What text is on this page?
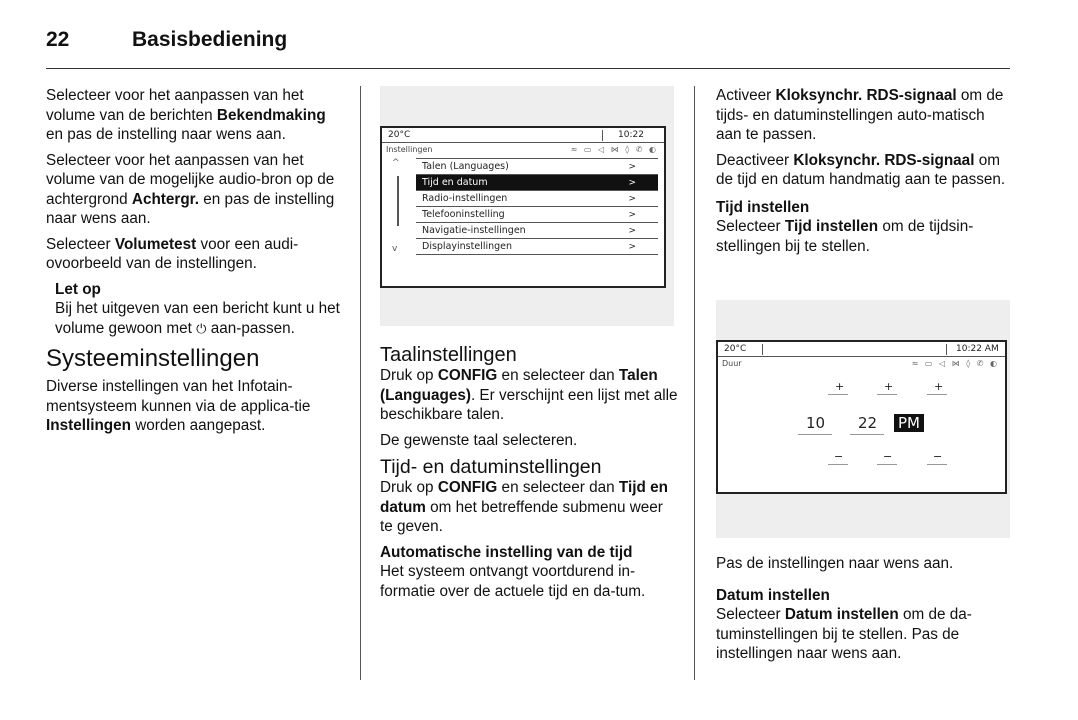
22	Basisbediening

Selecteer voor het aanpassen van het volume van de berichten Bekendmaking en pas de instelling naar wens aan.

Selecteer voor het aanpassen van het volume van de mogelijke audio-bron op de achtergrond Achtergr. en pas de instelling naar wens aan.

Selecteer Volumetest voor een audi-ovoorbeeld van de instellingen.

Let op
Bij het uitgeven van een bericht kunt u het volume gewoon met ⏻ aan-passen.
Systeeminstellingen

Diverse instellingen van het Infotain-mentsysteem kunnen via de applica-tie Instellingen worden aangepast.

20°C	10:22
Instellingen	≈ ▭ ◁ ⋈ ◊ ✆ ◐
^
v
Talen (Languages)	>
Tijd en datum	>
Radio-instellingen	>
Telefooninstelling	>
Navigatie-instellingen	>
Displayinstellingen	>
Taalinstellingen

Druk op CONFIG en selecteer dan Talen (Languages). Er verschijnt een lijst met alle beschikbare talen.

De gewenste taal selecteren.

Tijd- en datuminstellingen

Druk op CONFIG en selecteer dan Tijd en datum om het betreffende submenu weer te geven.

Automatische instelling van de tijd

Het systeem ontvangt voortdurend in-formatie over de actuele tijd en da-tum.

Activeer Kloksynchr. RDS-signaal om de tijds- en datuminstellingen auto-matisch aan te passen.

Deactiveer Kloksynchr. RDS-signaal om de tijd en datum handmatig aan te passen.

Tijd instellen

Selecteer Tijd instellen om de tijdsin-stellingen bij te stellen.

20°C	10:22 AM
Duur	≈ ▭ ◁ ⋈ ◊ ✆ ◐
+	+	+
10 22 PM
−	−	−

Pas de instellingen naar wens aan.

Datum instellen

Selecteer Datum instellen om de da-tuminstellingen bij te stellen. Pas de instellingen naar wens aan.
